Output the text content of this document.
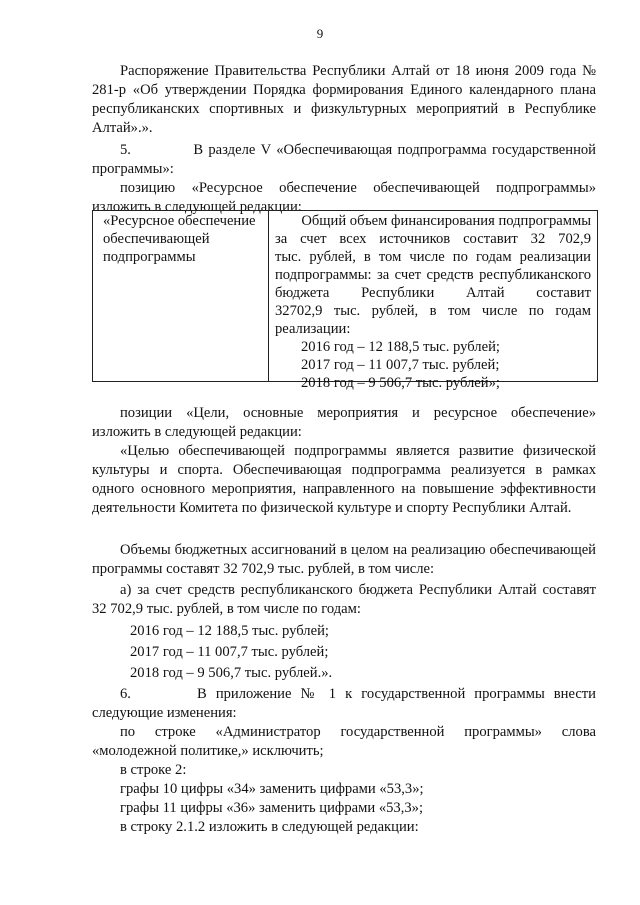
9
Распоряжение Правительства Республики Алтай от 18 июня 2009 года № 281-р «Об утверждении Порядка формирования Единого календарного плана республиканских спортивных и физкультурных мероприятий в Республике Алтай».».
5.	В разделе V «Обеспечивающая подпрограмма государственной программы»:
позицию «Ресурсное обеспечение обеспечивающей подпрограммы» изложить в следующей редакции:
«Ресурсное обеспечение обеспечивающей подпрограммы
Общий объем финансирования подпрограммы
за счет всех источников составит 32 702,9
тыс. рублей, в том числе по годам реализации
подпрограммы: за счет средств республиканского
бюджета Республики Алтай составит
32702,9 тыс. рублей, в том числе по годам
реализации:
2016 год – 12 188,5 тыс. рублей;
2017 год – 11 007,7 тыс. рублей;
2018 год – 9 506,7 тыс. рублей»;
позиции «Цели, основные мероприятия и ресурсное обеспечение» изложить в следующей редакции:
«Целью обеспечивающей подпрограммы является развитие физической культуры и спорта. Обеспечивающая подпрограмма реализуется в рамках одного основного мероприятия, направленного на повышение эффективности деятельности Комитета по физической культуре и спорту Республики Алтай.
Объемы бюджетных ассигнований в целом на реализацию обеспечивающей программы составят 32 702,9 тыс. рублей, в том числе:
а) за счет средств республиканского бюджета Республики Алтай составят 32 702,9 тыс. рублей, в том числе по годам:
2016 год – 12 188,5 тыс. рублей;
2017 год – 11 007,7 тыс. рублей;
2018 год – 9 506,7 тыс. рублей.».
6.	В приложение № 1 к государственной программы внести следующие изменения:
по строке «Администратор государственной программы» слова «молодежной политике,» исключить;
в строке 2:
графы 10 цифры «34» заменить цифрами «53,3»;
графы 11 цифры «36» заменить цифрами «53,3»;
в строку 2.1.2 изложить в следующей редакции:
